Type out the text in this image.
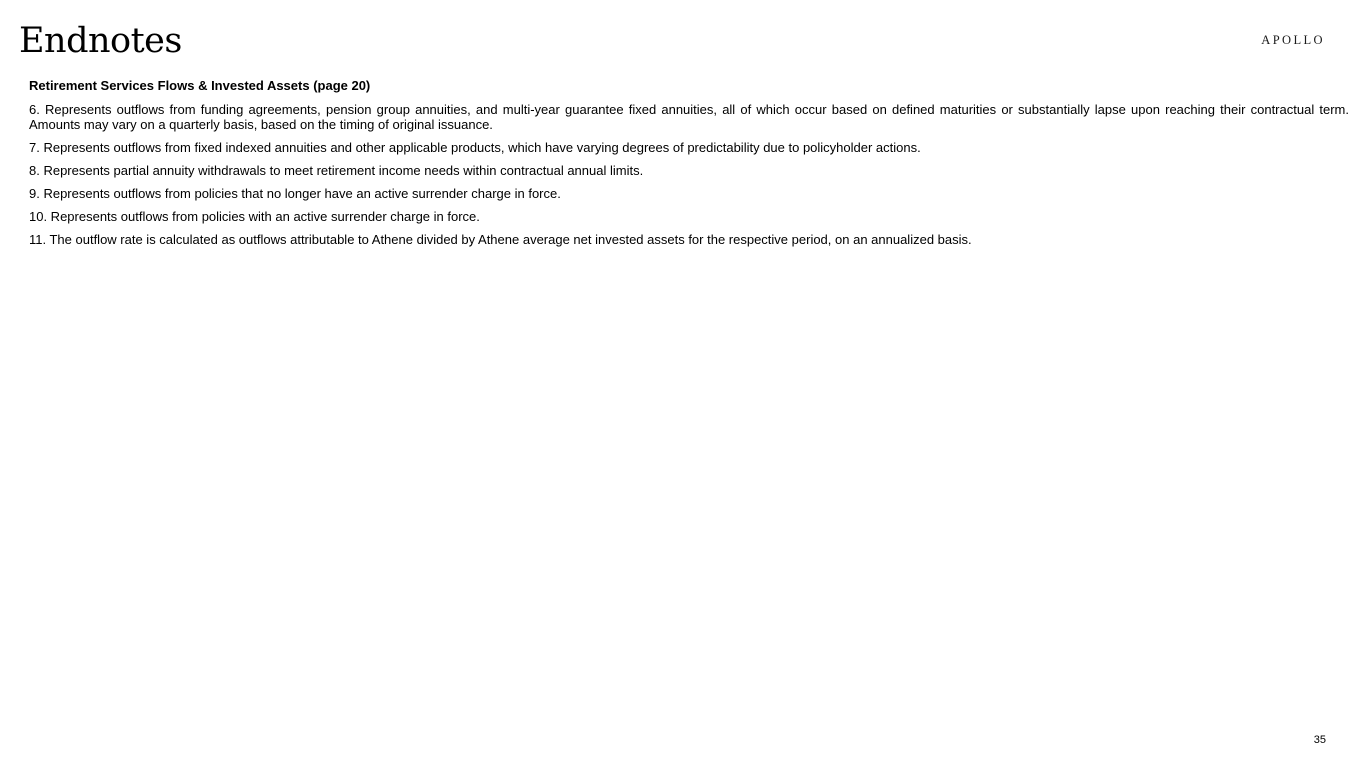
Endnotes	APOLLO

Retirement Services Flows & Invested Assets (page 20)

6. Represents outflows from funding agreements, pension group annuities, and multi-year guarantee fixed annuities, all of which occur based on defined maturities or substantially lapse upon reaching their contractual term. Amounts may vary on a quarterly basis, based on the timing of original issuance.

7. Represents outflows from fixed indexed annuities and other applicable products, which have varying degrees of predictability due to policyholder actions.

8. Represents partial annuity withdrawals to meet retirement income needs within contractual annual limits.

9. Represents outflows from policies that no longer have an active surrender charge in force.

10. Represents outflows from policies with an active surrender charge in force.

11. The outflow rate is calculated as outflows attributable to Athene divided by Athene average net invested assets for the respective period, on an annualized basis.

35
